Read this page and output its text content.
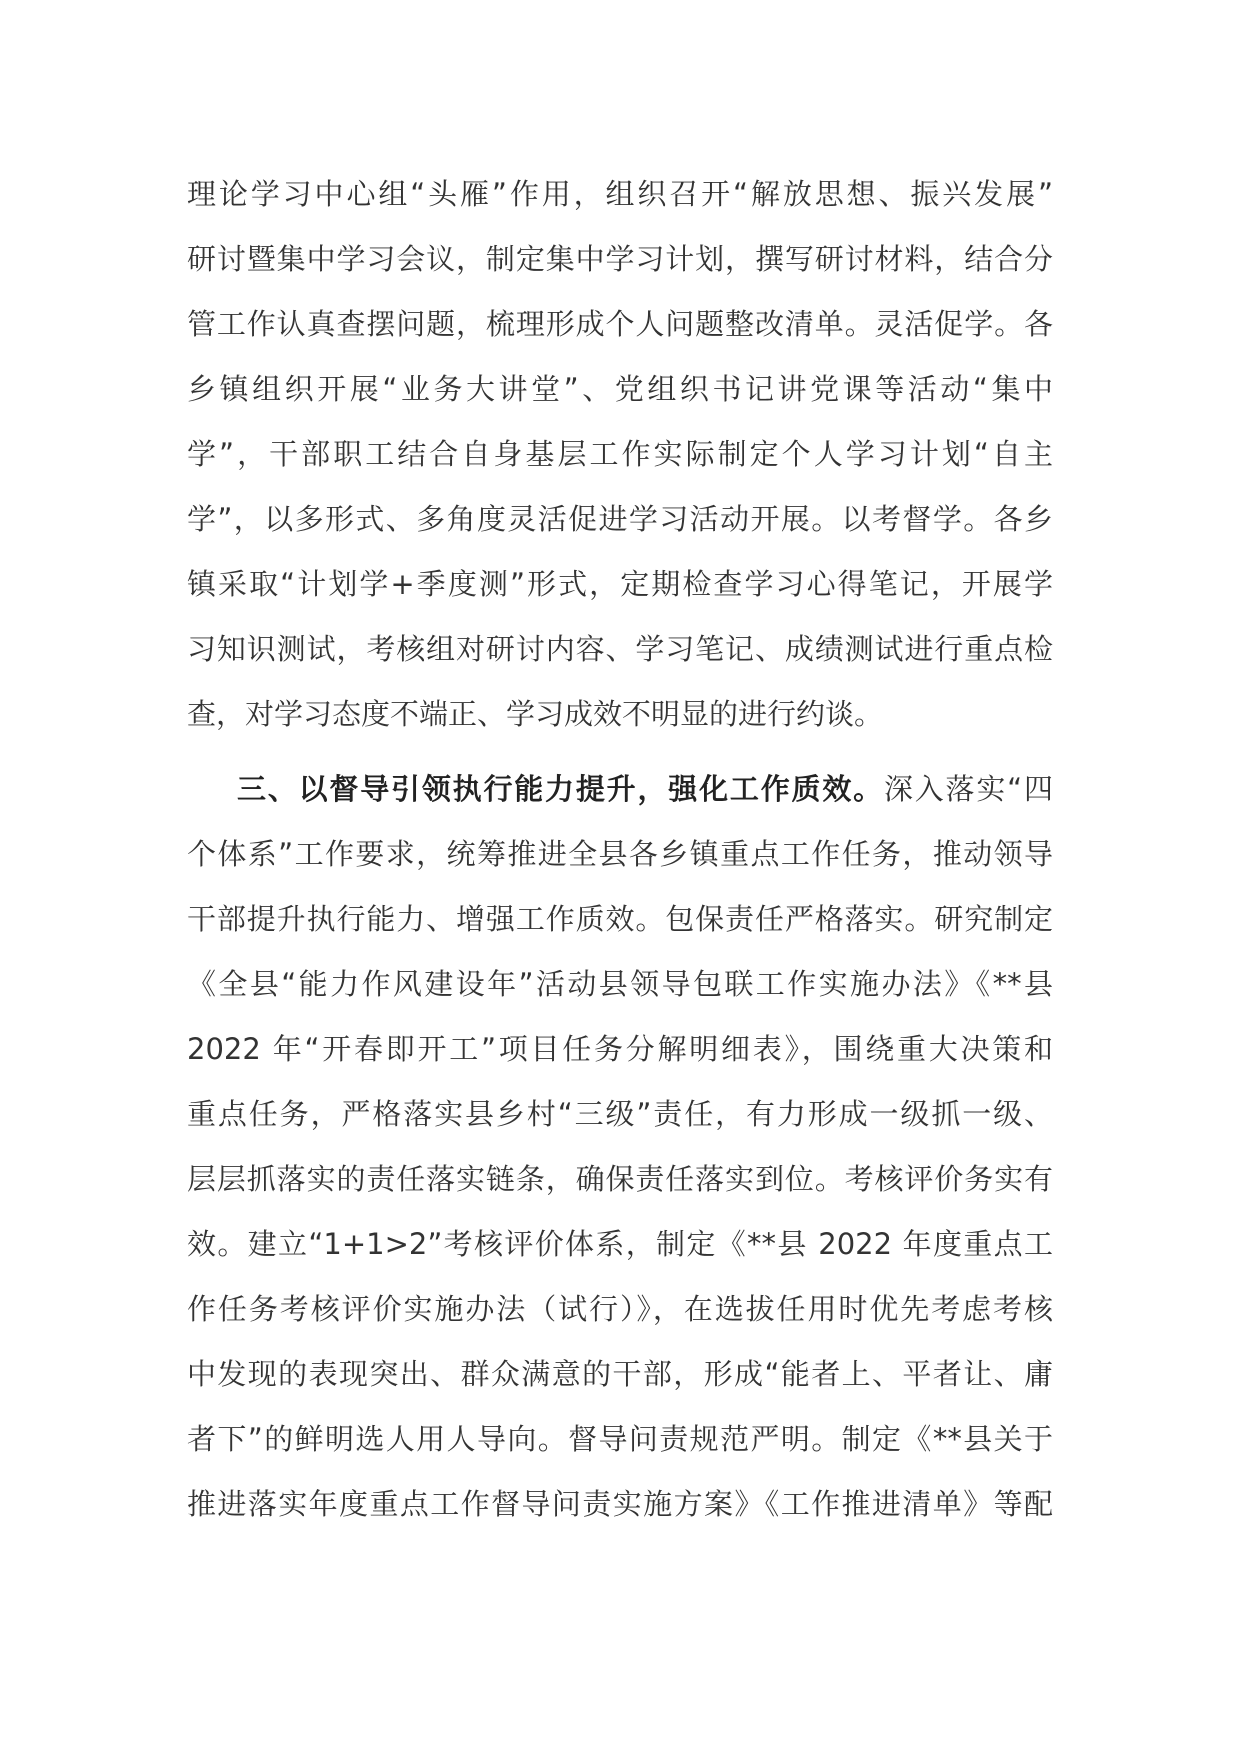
理论学习中心组“头雁”作用，组织召开“解放思想、振兴发展”
研讨暨集中学习会议，制定集中学习计划，撰写研讨材料，结合分
管工作认真查摆问题，梳理形成个人问题整改清单。灵活促学。各
乡镇组织开展“业务大讲堂”、党组织书记讲党课等活动“集中
学”，干部职工结合自身基层工作实际制定个人学习计划“自主
学”，以多形式、多角度灵活促进学习活动开展。以考督学。各乡
镇采取“计划学+季度测”形式，定期检查学习心得笔记，开展学
习知识测试，考核组对研讨内容、学习笔记、成绩测试进行重点检
查，对学习态度不端正、学习成效不明显的进行约谈。
三、以督导引领执行能力提升，强化工作质效。深入落实“四
个体系”工作要求，统筹推进全县各乡镇重点工作任务，推动领导
干部提升执行能力、增强工作质效。包保责任严格落实。研究制定
《全县“能力作风建设年”活动县领导包联工作实施办法》《**县
2022 年“开春即开工”项目任务分解明细表》，围绕重大决策和
重点任务，严格落实县乡村“三级”责任，有力形成一级抓一级、
层层抓落实的责任落实链条，确保责任落实到位。考核评价务实有
效。建立“1+1>2”考核评价体系，制定《**县 2022 年度重点工
作任务考核评价实施办法（试行）》，在选拔任用时优先考虑考核
中发现的表现突出、群众满意的干部，形成“能者上、平者让、庸
者下”的鲜明选人用人导向。督导问责规范严明。制定《**县关于
推进落实年度重点工作督导问责实施方案》《工作推进清单》等配
